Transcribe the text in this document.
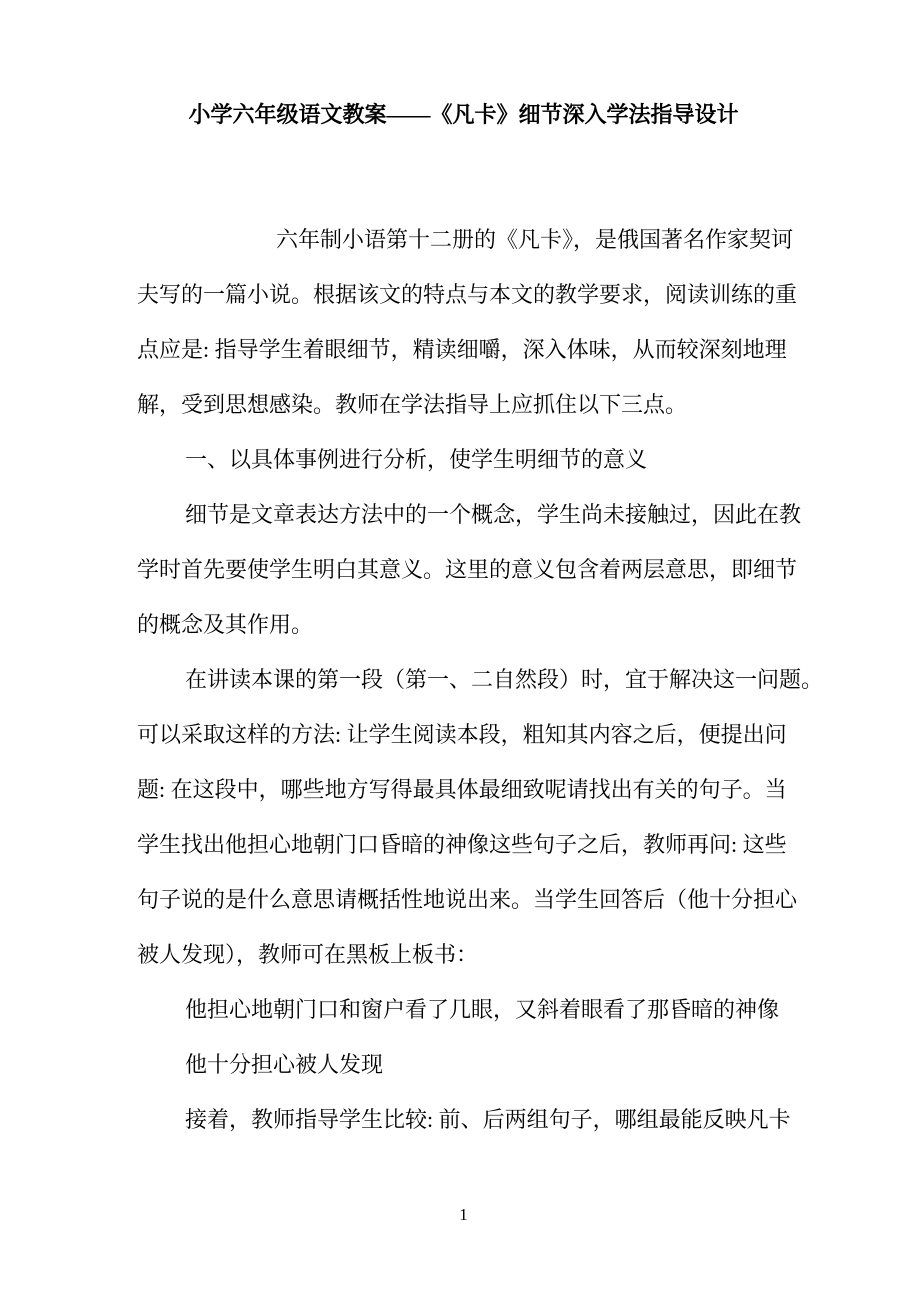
小学六年级语文教案——《凡卡》细节深入学法指导设计
六年制小语第十二册的《凡卡》，是俄国著名作家契诃
夫写的一篇小说。根据该文的特点与本文的教学要求，阅读训练的重
点应是: 指导学生着眼细节，精读细嚼，深入体味，从而较深刻地理
解，受到思想感染。教师在学法指导上应抓住以下三点。
一、以具体事例进行分析，使学生明细节的意义
细节是文章表达方法中的一个概念，学生尚未接触过，因此在教
学时首先要使学生明白其意义。这里的意义包含着两层意思，即细节
的概念及其作用。
在讲读本课的第一段（第一、二自然段）时，宜于解决这一问题。
可以采取这样的方法: 让学生阅读本段，粗知其内容之后，便提出问
题: 在这段中，哪些地方写得最具体最细致呢请找出有关的句子。当
学生找出他担心地朝门口昏暗的神像这些句子之后，教师再问: 这些
句子说的是什么意思请概括性地说出来。当学生回答后（他十分担心
被人发现），教师可在黑板上板书：
他担心地朝门口和窗户看了几眼，又斜着眼看了那昏暗的神像
他十分担心被人发现
接着，教师指导学生比较: 前、后两组句子，哪组最能反映凡卡
1
